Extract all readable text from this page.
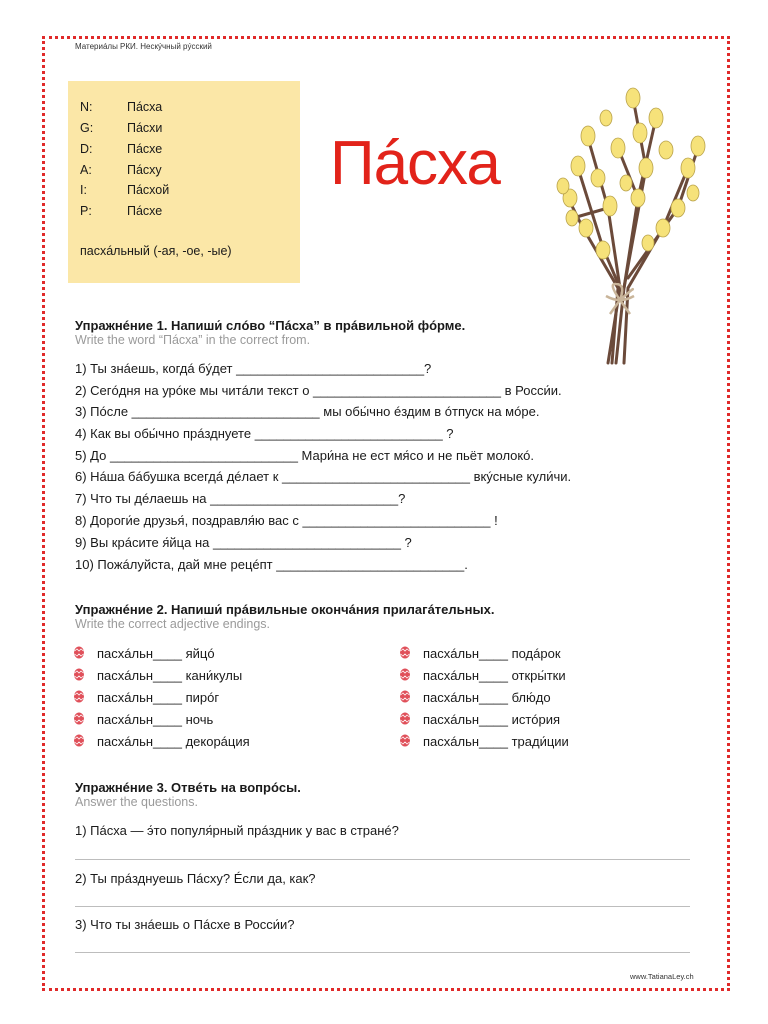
Материáлы РКИ. Нескýчный рýсский
N:	Пáсха
G:	Пáсхи
D:	Пáсхе
A:	Пáсху
I:	Пáсхой
P:	Пáсхе
пасхáльный (-ая, -ое, -ые)
Пáсха
Упражнéние 1. Напиши́ слóво “Пáсха” в прáвильной фóрме.
Write the word “Пáсха” in the correct from.
1) Ты знáешь, когдá бýдет __________________________?
2) Сегóдня на урóке мы читáли текст о __________________________ в Росси́и.
3) Пóсле __________________________ мы обы́чно éздим в óтпуск на мóре.
4) Как вы обы́чно прáзднуете __________________________ ?
5) До __________________________ Мари́на не ест мя́со и не пьёт молокó.
6) Нáша бáбушка всегдá дéлает к __________________________ вкýсные кули́чи.
7) Что ты дéлаешь на __________________________?
8) Дороги́е друзья́, поздравля́ю вас с __________________________ !
9) Вы крáсите я́йца на __________________________ ?
10) Пожáлуйста, дай мне рецéпт __________________________.
Упражнéние 2. Напиши́ прáвильные окончáния прилагáтельных.
Write the correct adjective endings.
пасхáльн____ яйцó
пасхáльн____ кани́кулы
пасхáльн____ пирóг
пасхáльн____ ночь
пасхáльн____ декорáция
пасхáльн____ подáрок
пасхáльн____ откры́тки
пасхáльн____ блю́до
пасхáльн____ истóрия
пасхáльн____ тради́ции
Упражнéние 3. Отвéть на вопрóсы.
Answer the questions.
1) Пáсха — э́то популя́рный прáздник у вас в странé?
2) Ты прáзднуешь Пáсху? Éсли да, как?
3) Что ты знáешь о Пáсхе в Росси́и?
www.TatianaLey.ch
